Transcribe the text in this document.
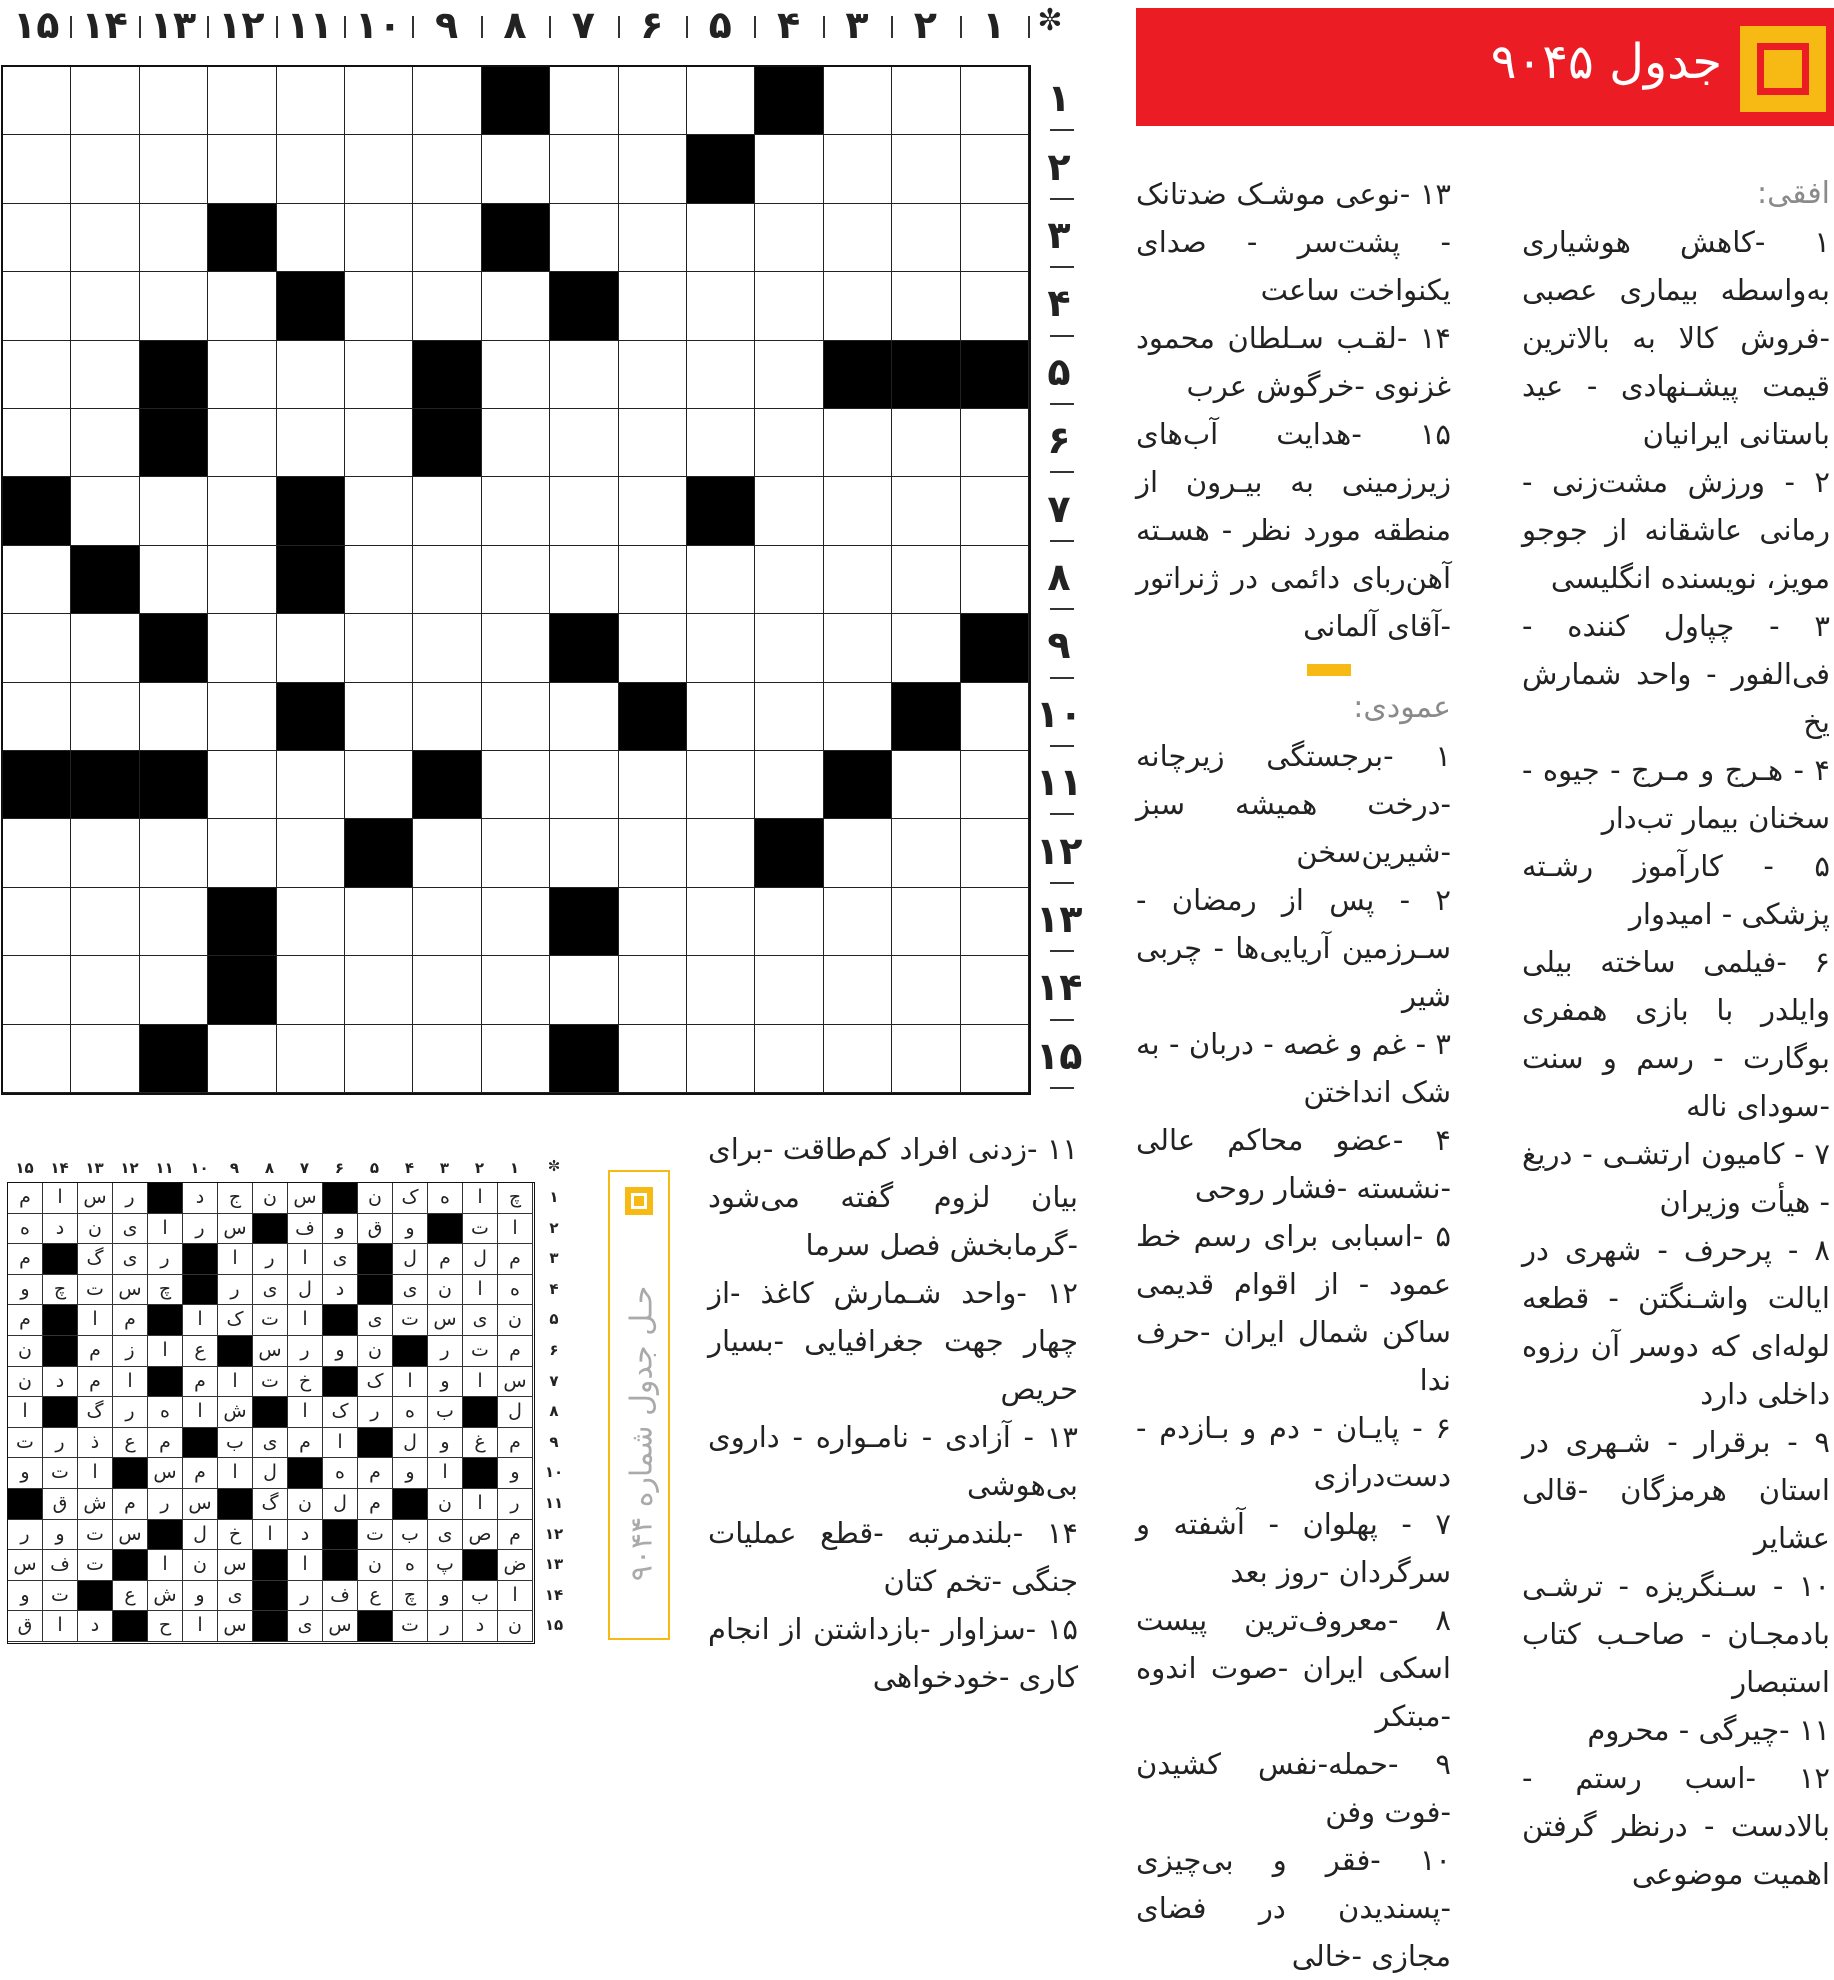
✼
۱
۲
۳
۴
۵
۶
۷
۸
۹
۱۰
۱۱
۱۲
۱۳
۱۴
۱۵
۱
۲
۳
۴
۵
۶
۷
۸
۹
۱۰
۱۱
۱۲
۱۳
۱۴
۱۵
جدول ۹۰۴۵

افقی:

۱ -کاهش هوشیاری به‌واسطه بیماری عصبی -فروش کالا به بالاترین قیمت پیشـنهادی - عید باستانی ایرانیان

۲ - ورزش مشت‌زنی - رمانی عاشقانه از جوجو مویز، نویسنده انگلیسی

۳ - چپاول کننده - فی‌الفور - واحد شمارش یخ

۴ - هـرج و مـرج - جیوه - سخنان بیمار تب‌دار

۵ - کارآموز رشـته پزشکی - امیدوار

۶ -فیلمی ساخته بیلی وایلدر با بازی همفری بوگارت - رسم و سنت -سودای ناله

۷ - کامیون ارتشـی - دریغ - هیأت وزیران

۸ - پرحرف - شهری در ایالت واشـنگتن - قطعه لوله‌ای که دوسر آن رزوه داخلی دارد

۹ - برقرار - شـهری در استان هرمزگان -قالی عشایر

۱۰ - سـنگریزه - ترشـی بادمجـان - صاحـب کتاب استبصار

۱۱ -چیرگی - محروم

۱۲ -اسب رستم - بالادست - درنظر گرفتن اهمیت موضوعی

۱۳ -نوعی موشـک ضدتانک - پشت‌سر - صدای یکنواخت ساعت

۱۴ -لقـب سـلطان محمود غزنوی -خرگوش عرب

۱۵ -هدایت آب‌های زیرزمینی به بیـرون از منطقه مورد نظر - هسـته آهن‌ربای دائمی در ژنراتور -آقای آلمانی

عمودی:

۱ -برجستگی زیرچانه -درخت همیشه سبز -شیرین‌سخن

۲ - پس از رمضان - سـرزمین آریایی‌ها - چربی شیر

۳ - غم و غصه - دربان - به شک انداختن

۴ -عضو محاکم عالی -نشسته -فشار روحی

۵ -اسبابی برای رسم خط عمود - از اقوام قدیمی ساکن شمال ایران -حرف ندا

۶ - پایـان - دم و بـازدم - دست‌درازی

۷ - پهلوان - آشفته و سرگردان -روز بعد

۸ -معروف‌ترین پیست اسکی ایران -صوت اندوه -مبتکر

۹ -حمله-نفس کشیدن -فوت وفن

۱۰ -فقر و بی‌چیزی -پسندیدن در فضای مجازی -خالی

۱۱ -زدنی افراد کم‌طاقت -برای بیان لزوم گفته می‌شود -گرمابخش فصل سرما

۱۲ -واحد شـمارش کاغذ -از چهار جهت جغرافیایی -بسیار حریص

۱۳ - آزادی - نامـواره - داروی بی‌هوشی

۱۴ -بلندمرتبه -قطع عملیات جنگی -تخم کتان

۱۵ -سزاوار -بازداشتن از انجام کاری -خودخواهی

حـل جدول شماره ۹۰۴۴
۱
۲
۳
۴
۵
۶
۷
۸
۹
۱۰
۱۱
۱۲
۱۳
۱۴
۱۵	✼
چ
ا
ه
ک
ن
س
ن
ج
د
ر
س
ا
م
ا
ت
و
ق
و
ف
س
ر
ا
ی
ن
د
ه
م
ل
م
ل
ی
ا
ر
ا
ر
ی
گ
م
ه
ا
ن
ی
د
ل
ی
ر
چ
س
ت
چ
و
ن
ی
س
ت
ی
ا
ت
ک
ا
م
ا
م
م
ت
ر
ن
و
ر
س
ع
ا
ز
م
ن
س
ا
و
ا
ک
خ
ت
ا
م
ا
م
د
ن
ل
ب
ه
ر
ک
ا
ش
ا
ه
ر
گ
ا
م
غ
و
ل
ا
م
ی
ب
م
ع
ذ
ر
ت
و
ا
و
م
ه
ل
ا
م
س
ا
ت
و
ر
ا
ن
م
ل
ن
گ
س
ر
م
ش
ق
م
ص
ی
ب
ت
د
ا
خ
ل
س
ت
و
ر
ض
پ
ه
ن
ا
س
ن
ا
ت
ف
س
ا
ب
و
چ
ع
ف
ر
ی
و
ش
ع
ت
و
ن
د
ر
ت
س
ی
س
ا
ح
د
ا
ق
۱
۲
۳
۴
۵
۶
۷
۸
۹
۱۰
۱۱
۱۲
۱۳
۱۴
۱۵
